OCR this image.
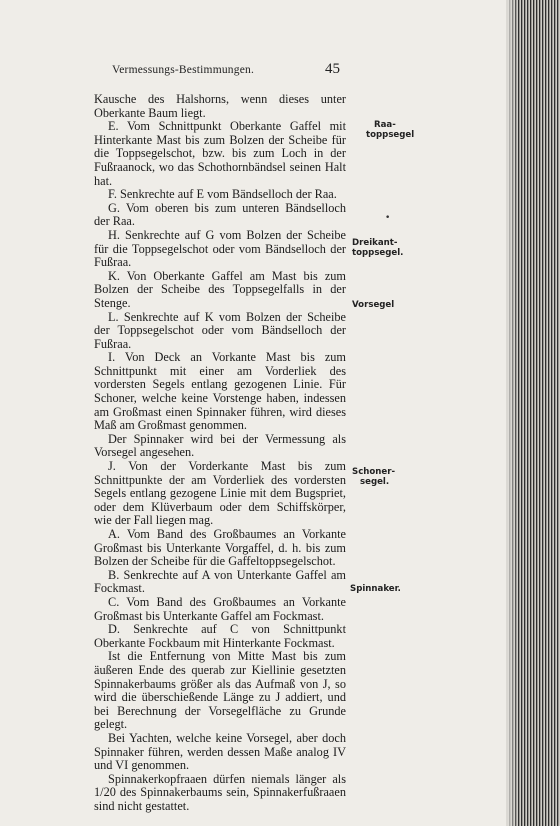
Vermessungs-Bestimmungen.	45

Kausche des Halshorns, wenn dieses unter Oberkante Baum liegt.

E. Vom Schnittpunkt Oberkante Gaffel mit Hinterkante Mast bis zum Bolzen der Scheibe für die Toppsegelschot, bzw. bis zum Loch in der Fußraanock, wo das Schothornbändsel seinen Halt hat.

F. Senkrechte auf E vom Bändselloch der Raa.

G. Vom oberen bis zum unteren Bändselloch der Raa.

H. Senkrechte auf G vom Bolzen der Scheibe für die Toppsegelschot oder vom Bändselloch der Fußraa.

K. Von Oberkante Gaffel am Mast bis zum Bolzen der Scheibe des Toppsegelfalls in der Stenge.

L. Senkrechte auf K vom Bolzen der Scheibe der Toppsegelschot oder vom Bändselloch der Fußraa.

I. Von Deck an Vorkante Mast bis zum Schnittpunkt mit einer am Vorderliek des vordersten Segels entlang gezogenen Linie. Für Schoner, welche keine Vorstenge haben, indessen am Großmast einen Spinnaker führen, wird dieses Maß am Großmast genommen.

Der Spinnaker wird bei der Vermessung als Vorsegel angesehen.

J. Von der Vorderkante Mast bis zum Schnittpunkte der am Vorderliek des vordersten Segels entlang gezogene Linie mit dem Bugspriet, oder dem Klüverbaum oder dem Schiffskörper, wie der Fall liegen mag.

A. Vom Band des Großbaumes an Vorkante Großmast bis Unterkante Vorgaffel, d. h. bis zum Bolzen der Scheibe für die Gaffeltoppsegelschot.

B. Senkrechte auf A von Unterkante Gaffel am Fockmast.

C. Vom Band des Großbaumes an Vorkante Großmast bis Unterkante Gaffel am Fockmast.

D. Senkrechte auf C von Schnittpunkt Oberkante Fockbaum mit Hinterkante Fockmast.

Ist die Entfernung von Mitte Mast bis zum äußeren Ende des querab zur Kiellinie gesetzten Spinnakerbaums größer als das Aufmaß von J, so wird die überschießende Länge zu J addiert, und bei Berechnung der Vorsegelfläche zu Grunde gelegt.

Bei Yachten, welche keine Vorsegel, aber doch Spinnaker führen, werden dessen Maße analog IV und VI genommen.

Spinnakerkopfraaen dürfen niemals länger als 1/20 des Spinnakerbaums sein, Spinnakerfußraaen sind nicht gestattet.

Raa-
toppsegel
•
Dreikant-
toppsegel.
Vorsegel
Schoner-
segel.
Spinnaker.
